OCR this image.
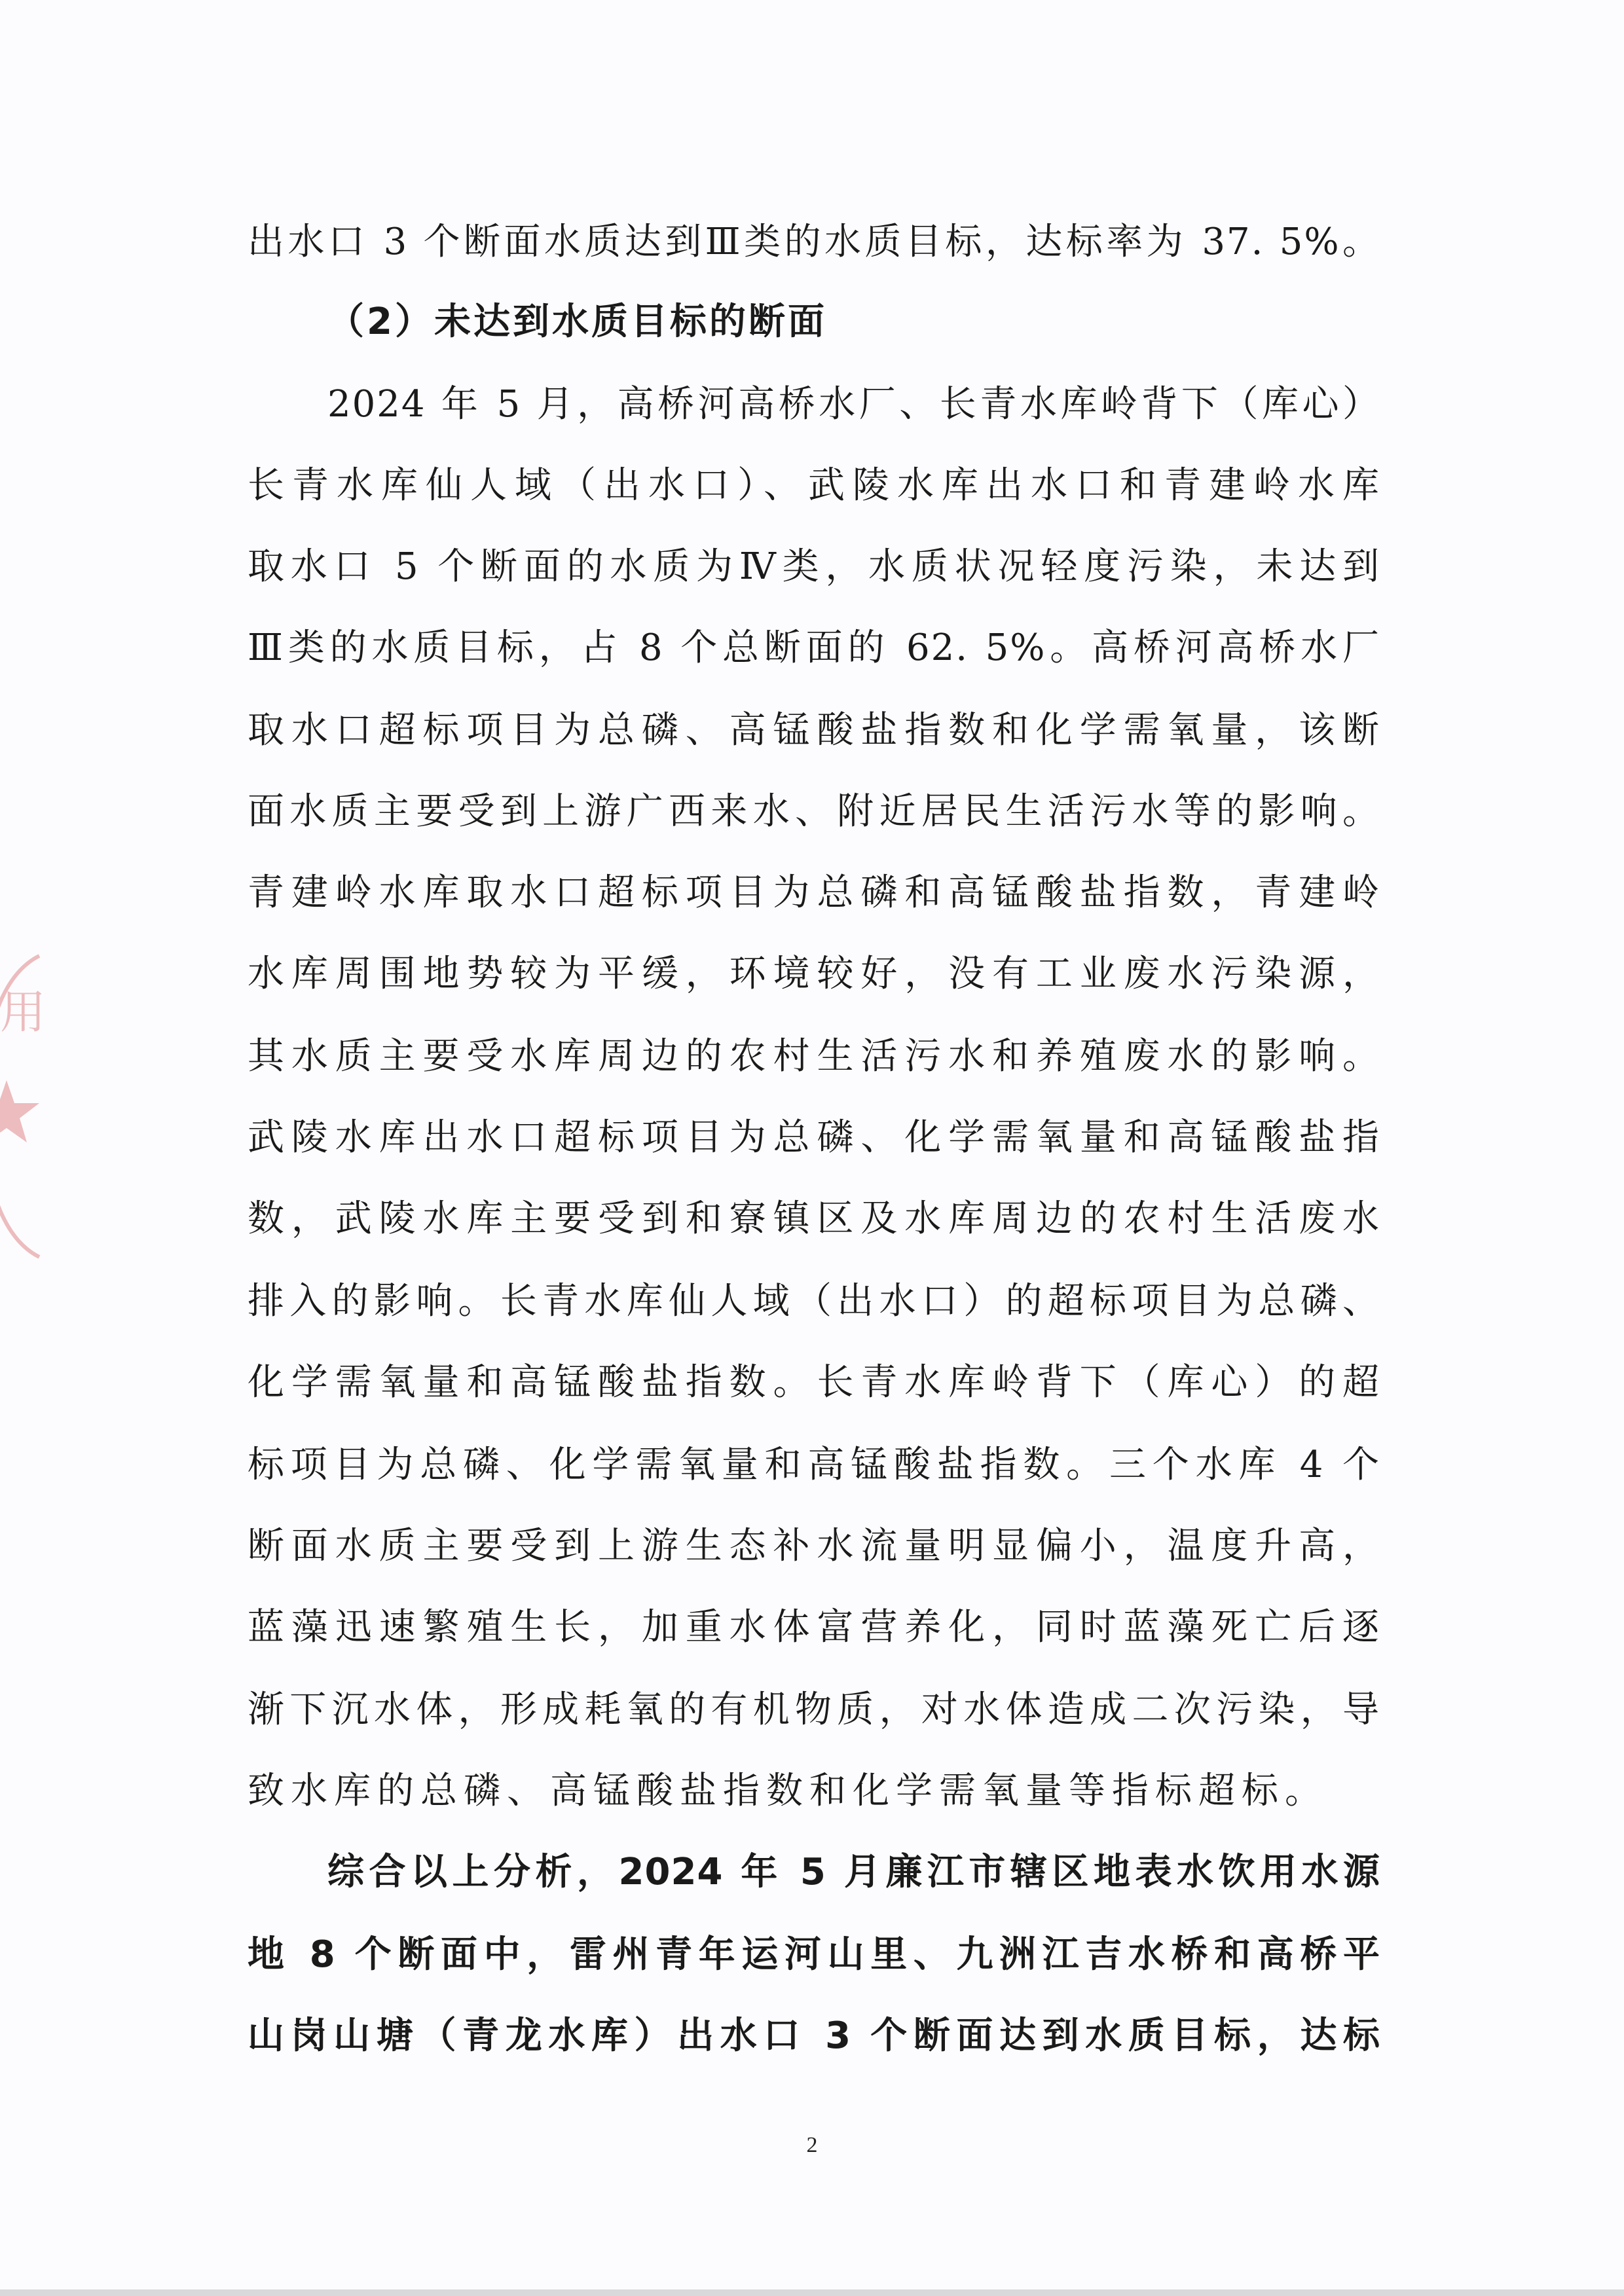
用
出水口 3 个断面水质达到Ⅲ类的水质目标，达标率为 37. 5%。
（2）未达到水质目标的断面
2024 年 5 月，高桥河高桥水厂、长青水库岭背下（库心）
长青水库仙人域（出水口）、武陵水库出水口和青建岭水库
取水口 5 个断面的水质为Ⅳ类，水质状况轻度污染，未达到
Ⅲ类的水质目标，占 8 个总断面的 62. 5%。高桥河高桥水厂
取水口超标项目为总磷、高锰酸盐指数和化学需氧量，该断
面水质主要受到上游广西来水、附近居民生活污水等的影响。
青建岭水库取水口超标项目为总磷和高锰酸盐指数，青建岭
水库周围地势较为平缓，环境较好，没有工业废水污染源，
其水质主要受水库周边的农村生活污水和养殖废水的影响。
武陵水库出水口超标项目为总磷、化学需氧量和高锰酸盐指
数，武陵水库主要受到和寮镇区及水库周边的农村生活废水
排入的影响。长青水库仙人域（出水口）的超标项目为总磷、
化学需氧量和高锰酸盐指数。长青水库岭背下（库心）的超
标项目为总磷、化学需氧量和高锰酸盐指数。三个水库 4 个
断面水质主要受到上游生态补水流量明显偏小，温度升高，
蓝藻迅速繁殖生长，加重水体富营养化，同时蓝藻死亡后逐
渐下沉水体，形成耗氧的有机物质，对水体造成二次污染，导
致水库的总磷、高锰酸盐指数和化学需氧量等指标超标。
综合以上分析，2024 年 5 月廉江市辖区地表水饮用水源
地 8 个断面中，雷州青年运河山里、九洲江吉水桥和高桥平
山岗山塘（青龙水库）出水口 3 个断面达到水质目标，达标
2
